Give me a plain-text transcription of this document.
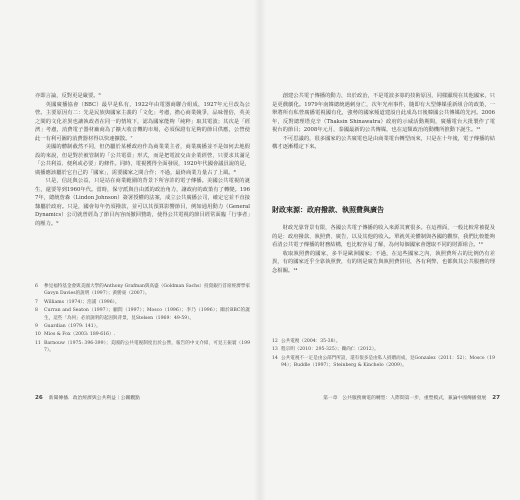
亦即言論，反對更是嚴要。⁶

英國廣播協會（BBC）最早是私有，1922年由電器商聯合組成，1927年元旦改為公營。主要原因有二：先是民族與國家主義的「文化」考慮，擔心商業競爭，品味俚俗，英美之間的文化差異也讓執政者在同一的情境下，認為國家能夠「純粹」取其電波；其次是「經濟」考慮，消費電子器材廠商為了擴大收音機的市場，必須保證有足夠的節目供應，公營使此一有利可圖的消費器材得以快速擴散。⁷

美國的體制截然不同，但仍屬於某種政府作為商業業主者，商業廣播並不是如何去地假設的來說，但是對於被管制的「公共電臺」形式，而是把電波交由企業經營，只要求其滿足「公共利益、便利或必要」的條件。同時，電視獲得全面發展，1920年代國會議員說的是，廣播應該屬於它自己的「國家」，需要國家之間合作；不過，最終商業力量占了上風。⁸

只是，信託與公益，只是站在商業範圍的背景下所容許的電子傳播。美國公共電視的誕生，還要等到1960年代。當時，保守派與自由派的政治角力，讓政府的政策有了轉變。1967年，總統詹森（Lindon Johnson）簽署授權的法案，成立公共廣播公司，確定它並不直接隸屬於政府。只是，國會每年仍須撥款，並可以其預算影響節目，例如通用動力（General Dynamics）公司就曾經為了節目內容而撤回贊助，使得公共電視的節目經常面臨「行事者」的壓力。⁹

6	參見福特基金會與美國大學的Anthony Grafman與高盛（Goldman Sachs）投資銀行首席經濟學家Gavyn Davies的說明（1997）；黃勝東（2007）。
7	Williams（1974）；浩浦（1996）。
8	Curran and Seaton（1997）；顧問（1997）；Mosco（1996）；李乃（1996）；關於BBC的誕生，這些「為何」必須說明的起因與背景，見Stelsen（1969：49-59）。
9	Guardian（1979: 141）。
10 Mios & Fox（2003: 189-616）.
11 Barnouw（1975: 396-399）；美國的公共電視制度出於公營，報告的中文介紹，可見王振寰（1997）。
26 新聞傳播．政治經濟與公共利益｜公關觀點

創建公共電子傳播的動力，出於政治，不是電波多寡的技術原因，同樣顯現在其他國家，只是更戲劇化。1979年南韓總統遇刺身亡，次年光州事件，隨即有大型傳媒重新組合的政策，一舉將所有私營廣播電視國有化，強勢的國家頻道建設自此成為日後韓國公共傳媒的先河。2006年，反對總理塔克辛（Thaksin Shinawatra）政府的示威活動期間，廣播電台大批製作了電視台的節目；2008年元月，泰國最新的公共傳媒，也在這類政治的動機所推動下誕生。¹²

不可思議的，很多國家的公共廣電也是由商業電台轉型而來，只是在十年後，電子傳播的結構才逐漸穩定下來。

財政來源：政府撥款、執照費與廣告

財政光靠背景有限，各國公共電子傳播的收入來源其實很多。在這裡面，一般比較常被提及的是：政府撥款、執照費、廣告，以及其他的收入。單就英美體制與各國的觀察，我們比較能夠看清公共電子傳播的財務結構，也比較容易了解，為何每個國家會選取不同的財源組合。¹³

收取執照費的國家，多半是歐洲國家；不過，在這些國家之內，執照費所占的比例仍有差異，有的國家近乎全靠執照費，有的則是廣告與執照費併用，各有利弊，也都與其公共服務的理念相關。¹⁴

12 公共電視（2004：35-38）。
13 程宗明（2010：295-325）；關尚仁（2012）。
14 公共電視不一定是由公部門所設，還有很多是由私人捐贈而成，見Gonzalez（2011：52）；Mosco（1994）；Buddle（1997）；Steinberg & Kinchelo（2009）。
第一章　公共服務廣電的轉型：人際間第一步，重塑模式，兼論中國傳播發展 27
